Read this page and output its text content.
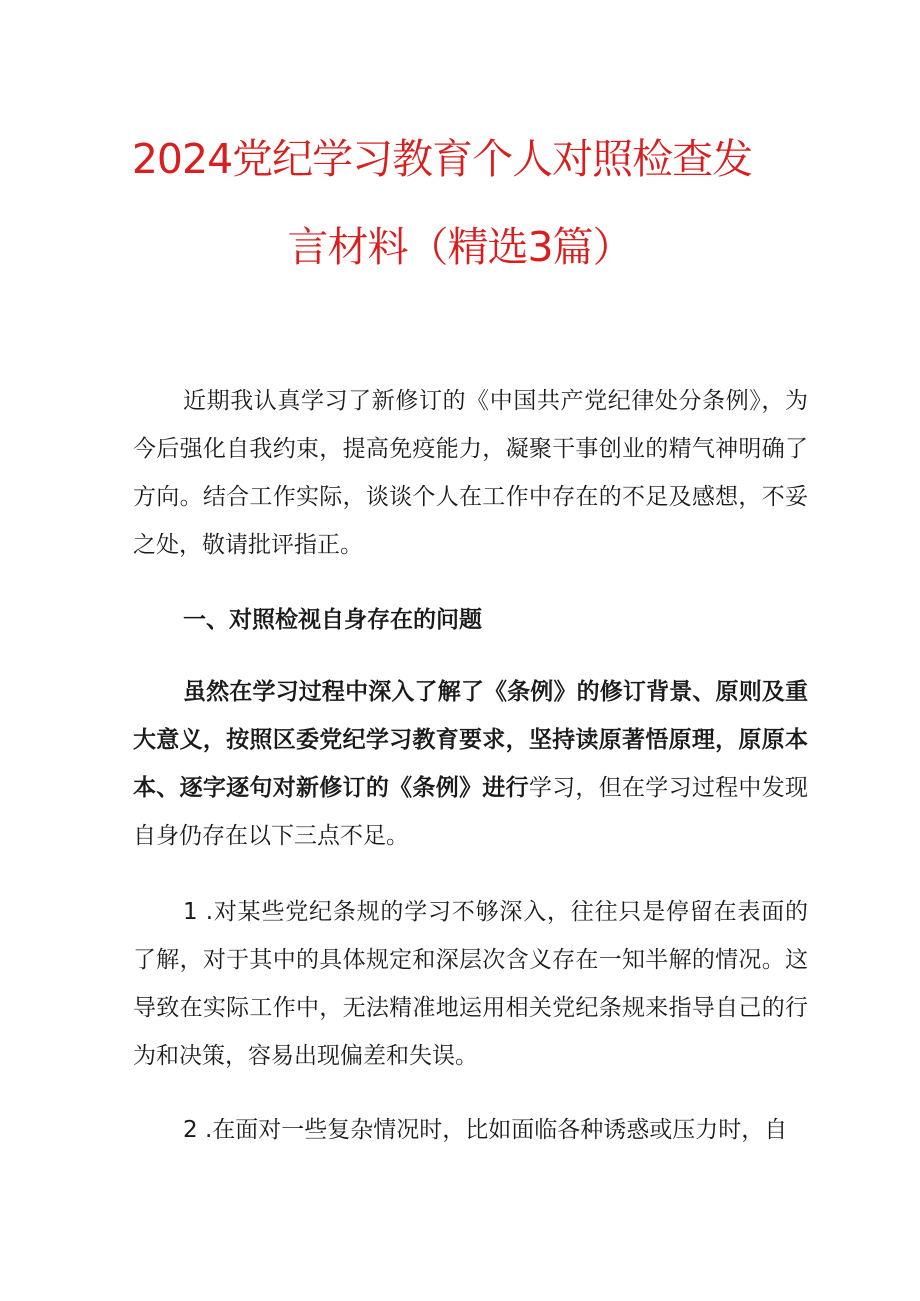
2024党纪学习教育个人对照检查发
言材料（精选3篇）

近期我认真学习了新修订的《中国共产党纪律处分条例》，为今后强化自我约束，提高免疫能力，凝聚干事创业的精气神明确了方向。结合工作实际，谈谈个人在工作中存在的不足及感想，不妥之处，敬请批评指正。

一、对照检视自身存在的问题

虽然在学习过程中深入了解了《条例》的修订背景、原则及重大意义，按照区委党纪学习教育要求，坚持读原著悟原理，原原本本、逐字逐句对新修订的《条例》进行学习，但在学习过程中发现自身仍存在以下三点不足。

1 .对某些党纪条规的学习不够深入，往往只是停留在表面的了解，对于其中的具体规定和深层次含义存在一知半解的情况。这导致在实际工作中，无法精准地运用相关党纪条规来指导自己的行为和决策，容易出现偏差和失误。

2 .在面对一些复杂情况时，比如面临各种诱惑或压力时，自
